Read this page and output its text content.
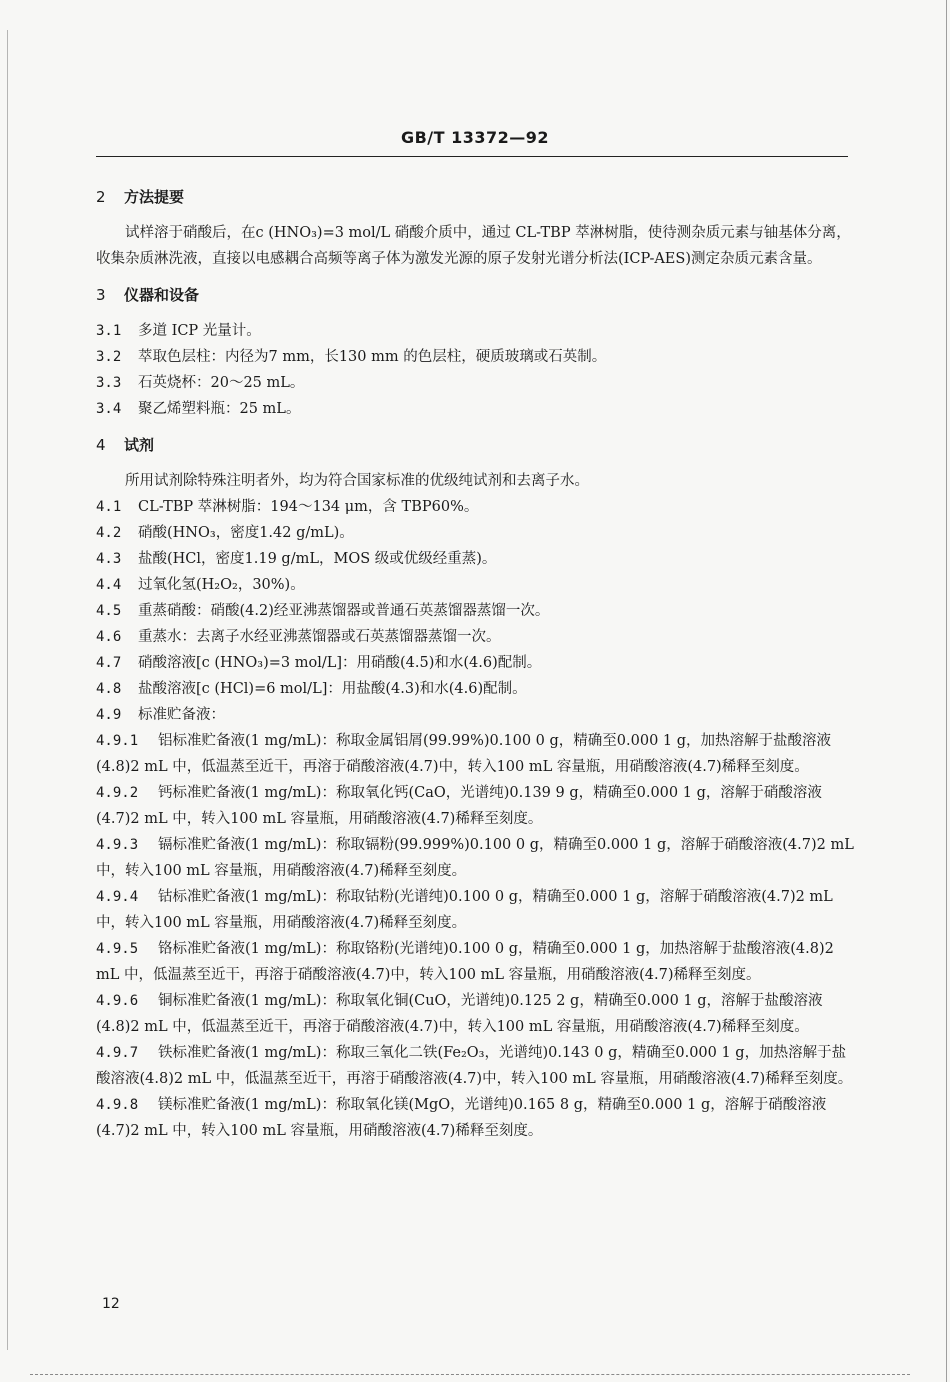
GB/T 13372—92
2 方法提要

试样溶于硝酸后，在c (HNO₃)=3 mol/L 硝酸介质中，通过 CL-TBP 萃淋树脂，使待测杂质元素与铀基体分离，收集杂质淋洗液，直接以电感耦合高频等离子体为激发光源的原子发射光谱分析法(ICP-AES)测定杂质元素含量。

3 仪器和设备

3.1 多道 ICP 光量计。

3.2 萃取色层柱：内径为7 mm，长130 mm 的色层柱，硬质玻璃或石英制。

3.3 石英烧杯：20～25 mL。

3.4 聚乙烯塑料瓶：25 mL。

4 试剂

所用试剂除特殊注明者外，均为符合国家标准的优级纯试剂和去离子水。

4.1 CL-TBP 萃淋树脂：194～134 μm，含 TBP60%。

4.2 硝酸(HNO₃，密度1.42 g/mL)。

4.3 盐酸(HCl，密度1.19 g/mL，MOS 级或优级经重蒸)。

4.4 过氧化氢(H₂O₂，30%)。

4.5 重蒸硝酸：硝酸(4.2)经亚沸蒸馏器或普通石英蒸馏器蒸馏一次。

4.6 重蒸水：去离子水经亚沸蒸馏器或石英蒸馏器蒸馏一次。

4.7 硝酸溶液[c (HNO₃)=3 mol/L]：用硝酸(4.5)和水(4.6)配制。

4.8 盐酸溶液[c (HCl)=6 mol/L]：用盐酸(4.3)和水(4.6)配制。

4.9 标准贮备液：

4.9.1 铝标准贮备液(1 mg/mL)：称取金属铝屑(99.99%)0.100 0 g，精确至0.000 1 g，加热溶解于盐酸溶液(4.8)2 mL 中，低温蒸至近干，再溶于硝酸溶液(4.7)中，转入100 mL 容量瓶，用硝酸溶液(4.7)稀释至刻度。

4.9.2 钙标准贮备液(1 mg/mL)：称取氧化钙(CaO，光谱纯)0.139 9 g，精确至0.000 1 g，溶解于硝酸溶液(4.7)2 mL 中，转入100 mL 容量瓶，用硝酸溶液(4.7)稀释至刻度。

4.9.3 镉标准贮备液(1 mg/mL)：称取镉粉(99.999%)0.100 0 g，精确至0.000 1 g，溶解于硝酸溶液(4.7)2 mL 中，转入100 mL 容量瓶，用硝酸溶液(4.7)稀释至刻度。

4.9.4 钴标准贮备液(1 mg/mL)：称取钴粉(光谱纯)0.100 0 g，精确至0.000 1 g，溶解于硝酸溶液(4.7)2 mL 中，转入100 mL 容量瓶，用硝酸溶液(4.7)稀释至刻度。

4.9.5 铬标准贮备液(1 mg/mL)：称取铬粉(光谱纯)0.100 0 g，精确至0.000 1 g，加热溶解于盐酸溶液(4.8)2 mL 中，低温蒸至近干，再溶于硝酸溶液(4.7)中，转入100 mL 容量瓶，用硝酸溶液(4.7)稀释至刻度。

4.9.6 铜标准贮备液(1 mg/mL)：称取氧化铜(CuO，光谱纯)0.125 2 g，精确至0.000 1 g，溶解于盐酸溶液(4.8)2 mL 中，低温蒸至近干，再溶于硝酸溶液(4.7)中，转入100 mL 容量瓶，用硝酸溶液(4.7)稀释至刻度。

4.9.7 铁标准贮备液(1 mg/mL)：称取三氧化二铁(Fe₂O₃，光谱纯)0.143 0 g，精确至0.000 1 g，加热溶解于盐酸溶液(4.8)2 mL 中，低温蒸至近干，再溶于硝酸溶液(4.7)中，转入100 mL 容量瓶，用硝酸溶液(4.7)稀释至刻度。

4.9.8 镁标准贮备液(1 mg/mL)：称取氧化镁(MgO，光谱纯)0.165 8 g，精确至0.000 1 g，溶解于硝酸溶液(4.7)2 mL 中，转入100 mL 容量瓶，用硝酸溶液(4.7)稀释至刻度。

12
